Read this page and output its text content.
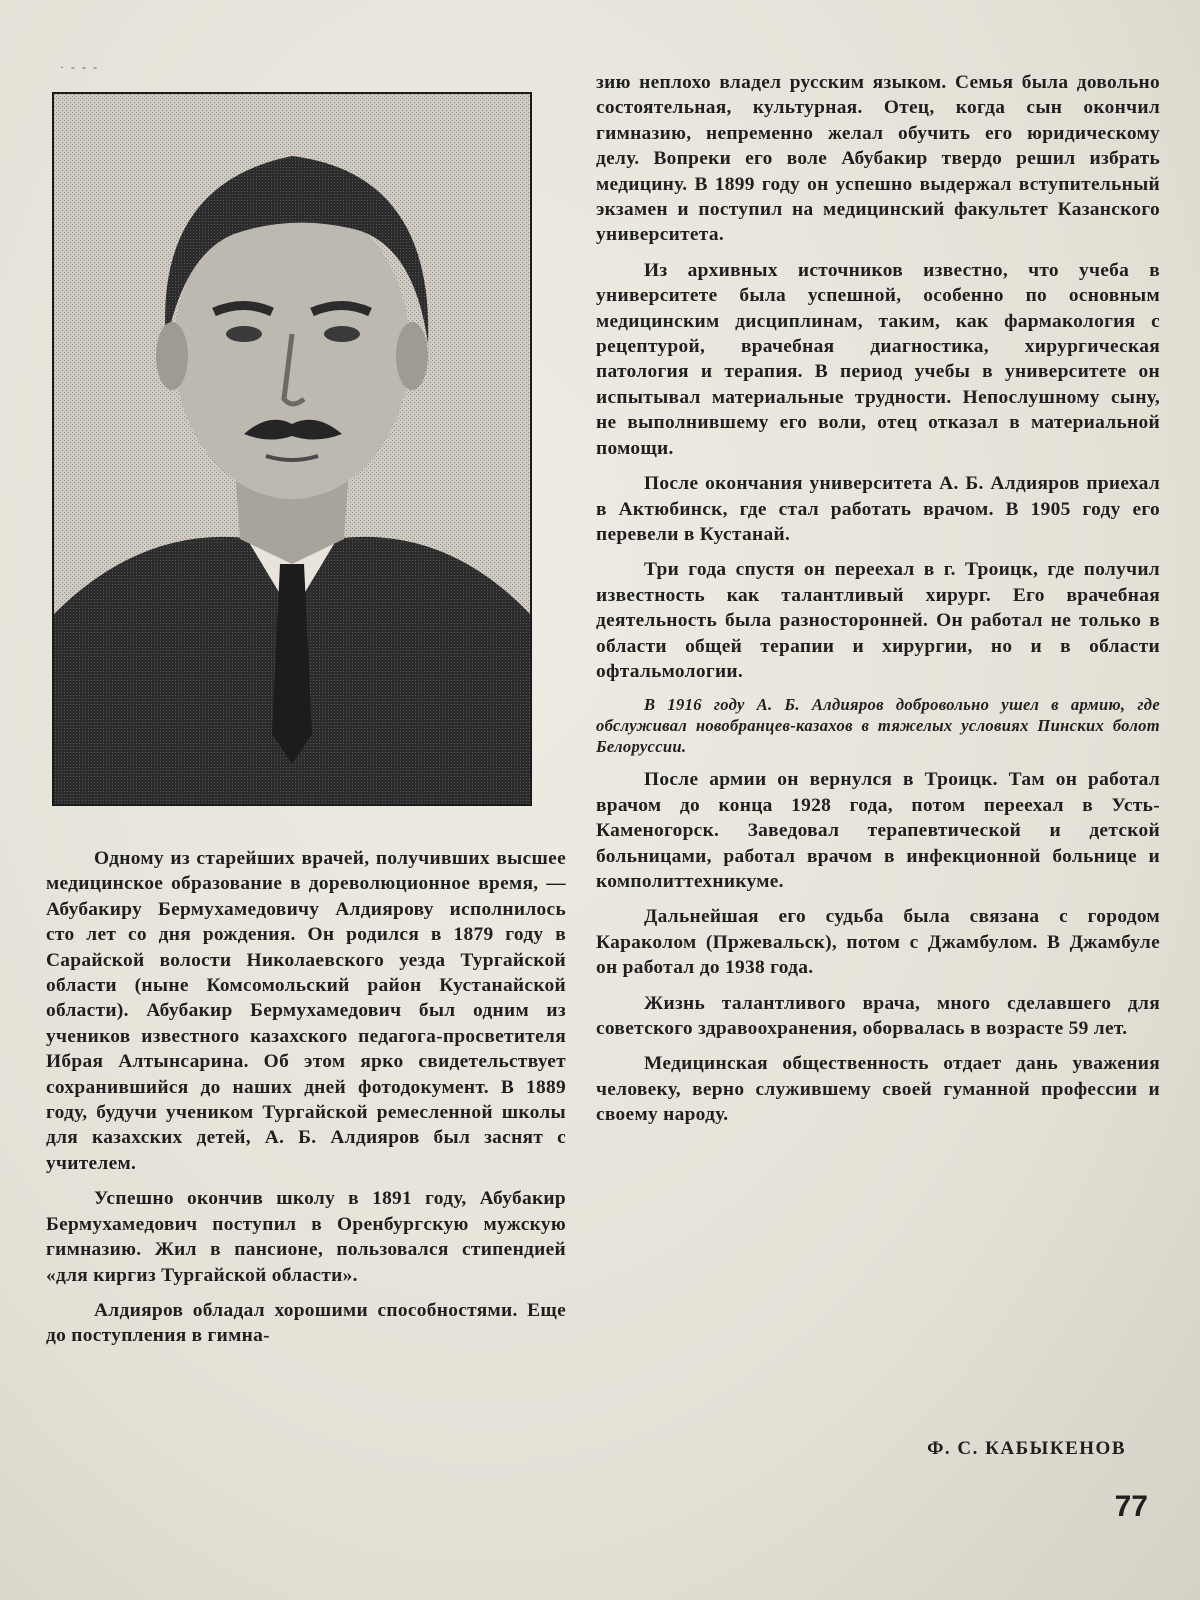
· - - -

Одному из старейших врачей, получивших высшее медицинское образование в дореволюционное время, — Абубакиру Бермухамедовичу Алдиярову исполнилось сто лет со дня рождения. Он родился в 1879 году в Сарайской волости Николаевского уезда Тургайской области (ныне Комсомольский район Кустанайской области). Абубакир Бермухамедович был одним из учеников известного казахского педагога-просветителя Ибрая Алтынсарина. Об этом ярко свидетельствует сохранившийся до наших дней фотодокумент. В 1889 году, будучи учеником Тургайской ремесленной школы для казахских детей, А. Б. Алдияров был заснят с учителем.

Успешно окончив школу в 1891 году, Абубакир Бермухамедович поступил в Оренбургскую мужскую гимназию. Жил в пансионе, пользовался стипендией «для киргиз Тургайской области».

Алдияров обладал хорошими способностями. Еще до поступления в гимна-

зию неплохо владел русским языком. Семья была довольно состоятельная, культурная. Отец, когда сын окончил гимназию, непременно желал обучить его юридическому делу. Вопреки его воле Абубакир твердо решил избрать медицину. В 1899 году он успешно выдержал вступительный экзамен и поступил на медицинский факультет Казанского университета.

Из архивных источников известно, что учеба в университете была успешной, особенно по основным медицинским дисциплинам, таким, как фармакология с рецептурой, врачебная диагностика, хирургическая патология и терапия. В период учебы в университете он испытывал материальные трудности. Непослушному сыну, не выполнившему его воли, отец отказал в материальной помощи.

После окончания университета А. Б. Алдияров приехал в Актюбинск, где стал работать врачом. В 1905 году его перевели в Кустанай.

Три года спустя он переехал в г. Троицк, где получил известность как талантливый хирург. Его врачебная деятельность была разносторонней. Он работал не только в области общей терапии и хирургии, но и в области офтальмологии.

В 1916 году А. Б. Алдияров добровольно ушел в армию, где обслуживал новобранцев-казахов в тяжелых условиях Пинских болот Белоруссии.

После армии он вернулся в Троицк. Там он работал врачом до конца 1928 года, потом переехал в Усть-Каменогорск. Заведовал терапевтической и детской больницами, работал врачом в инфекционной больнице и комполиттехникуме.

Дальнейшая его судьба была связана с городом Караколом (Пржевальск), потом с Джамбулом. В Джамбуле он работал до 1938 года.

Жизнь талантливого врача, много сделавшего для советского здравоохранения, оборвалась в возрасте 59 лет.

Медицинская общественность отдает дань уважения человеку, верно служившему своей гуманной профессии и своему народу.

Ф. С. КАБЫКЕНОВ
77
